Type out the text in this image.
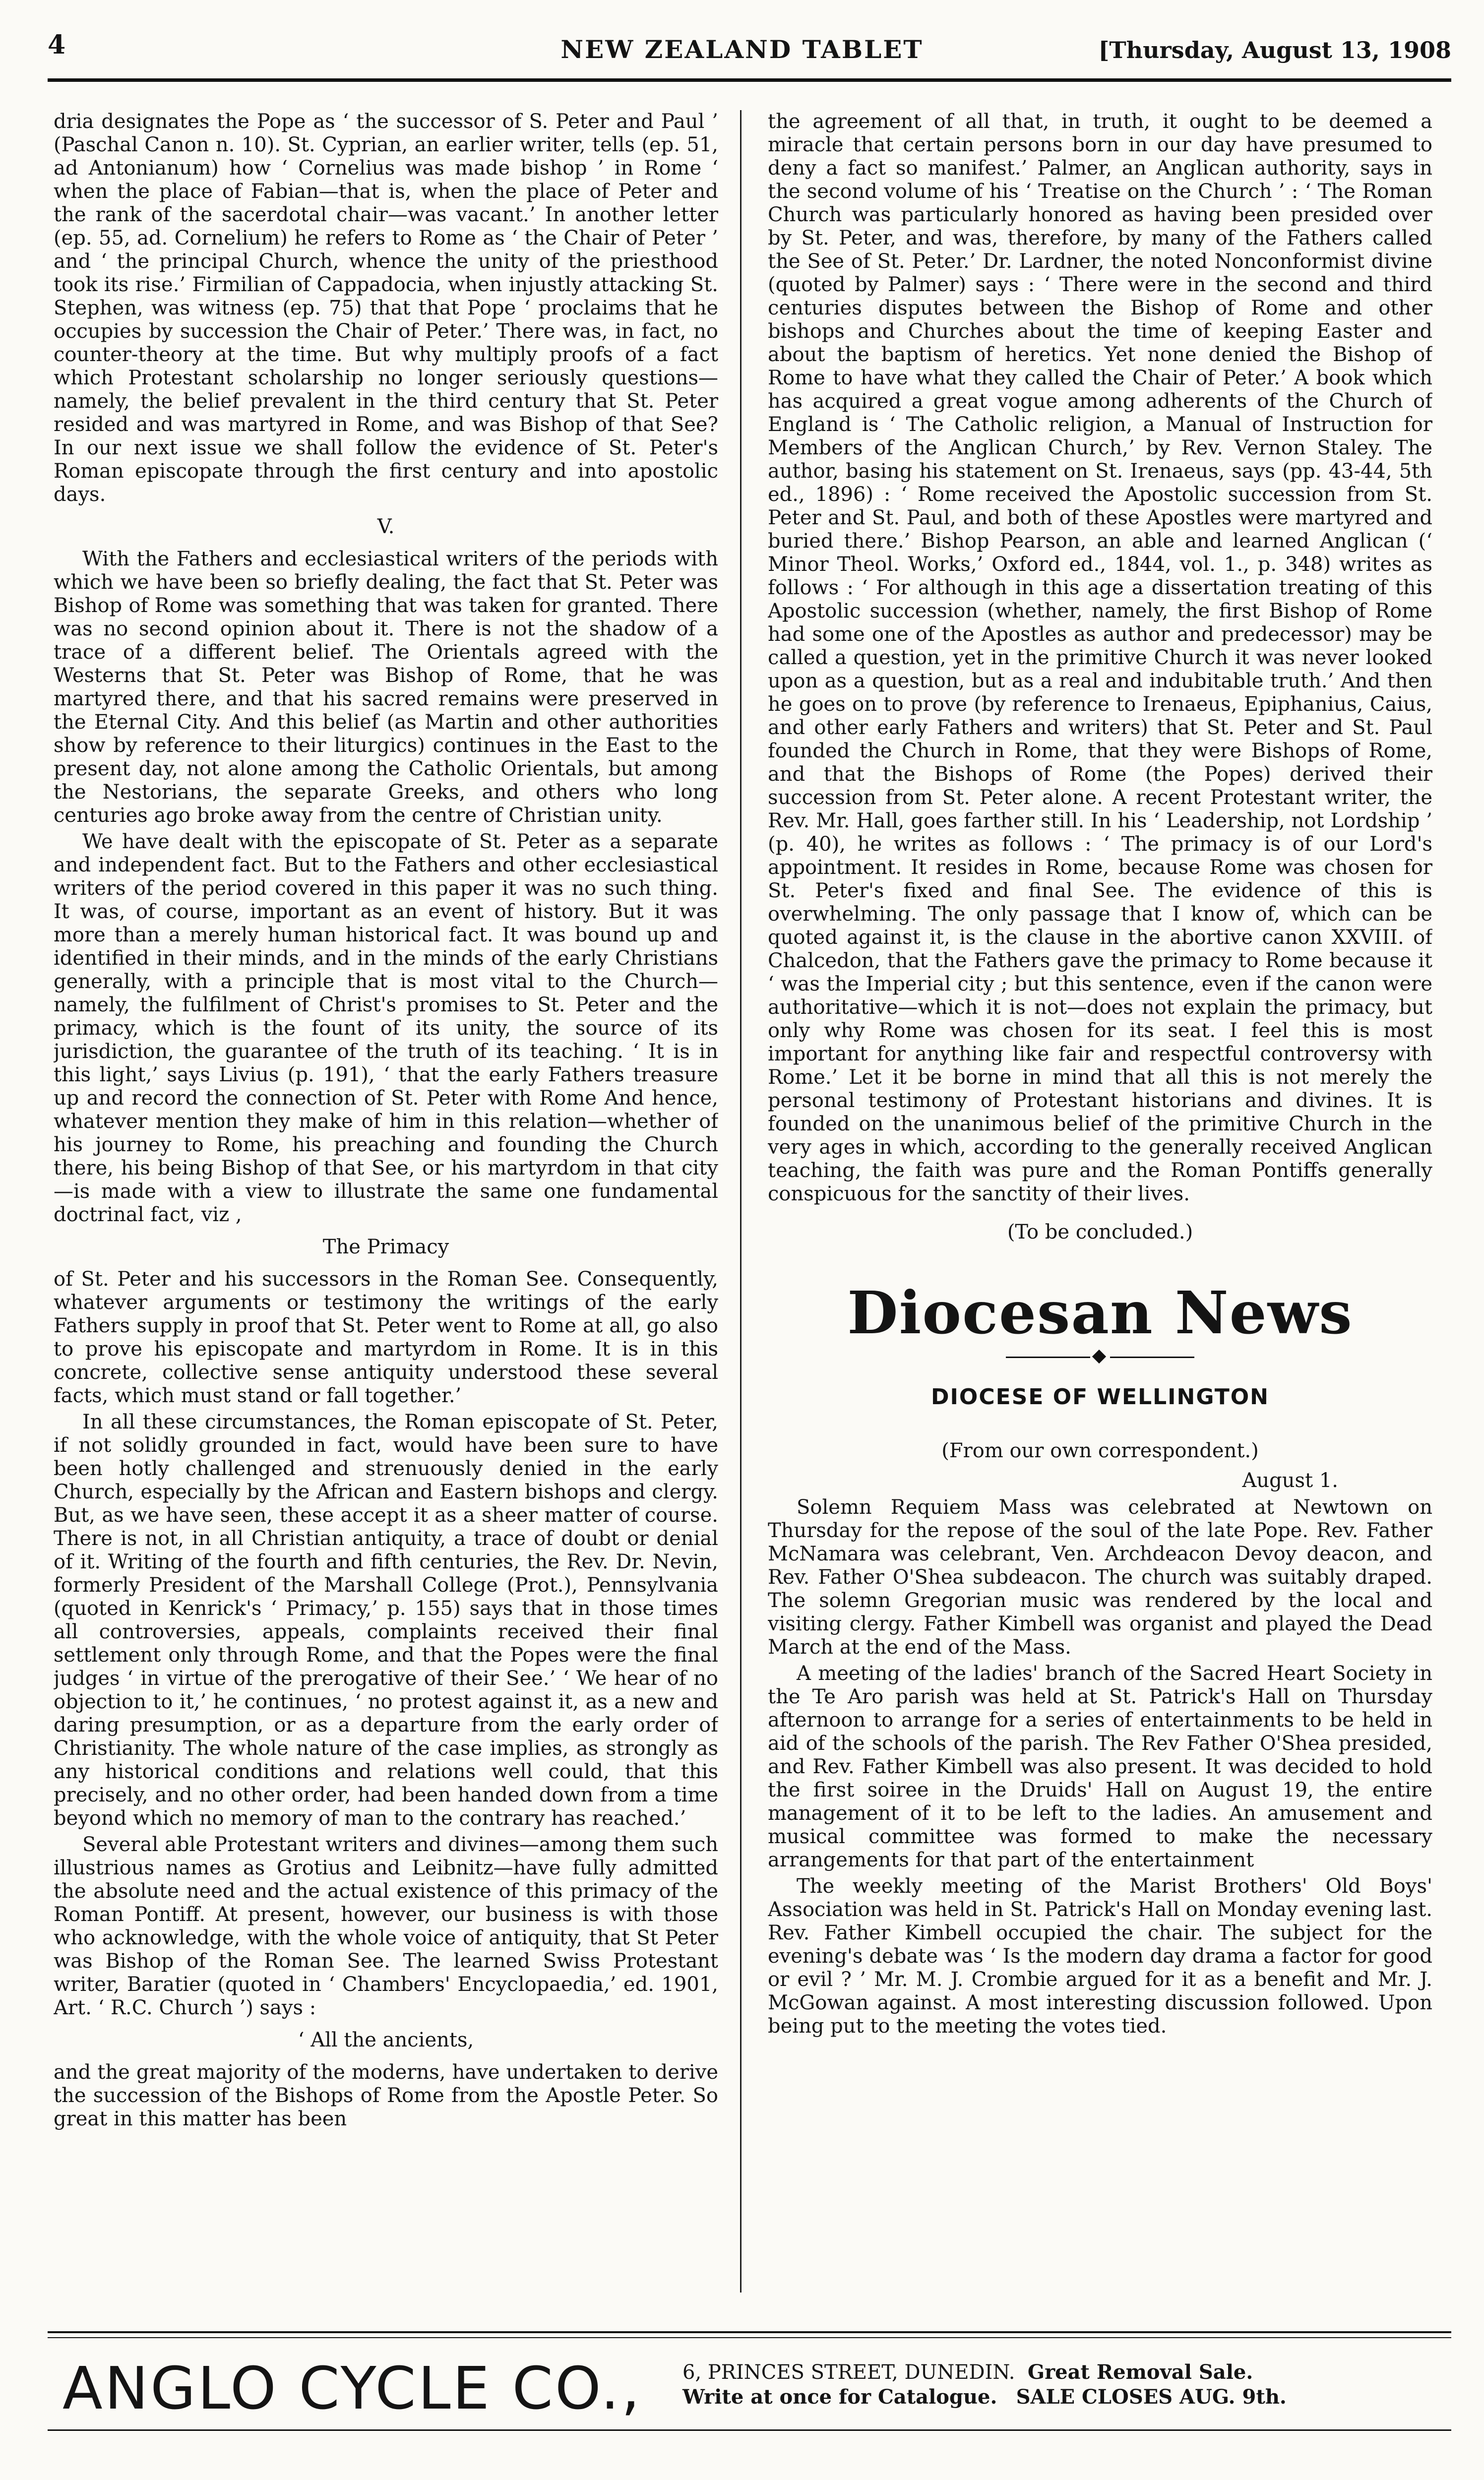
4	NEW ZEALAND TABLET	[Thursday, August 13, 1908

dria designates the Pope as ‘ the successor of S. Peter and Paul ’ (Paschal Canon n. 10). St. Cyprian, an earlier writer, tells (ep. 51, ad Antonianum) how ‘ Cornelius was made bishop ’ in Rome ‘ when the place of Fabian—that is, when the place of Peter and the rank of the sacerdotal chair—was vacant.’ In another letter (ep. 55, ad. Cornelium) he refers to Rome as ‘ the Chair of Peter ’ and ‘ the principal Church, whence the unity of the priesthood took its rise.’ Firmilian of Cappadocia, when injustly attacking St. Stephen, was witness (ep. 75) that that Pope ‘ proclaims that he occupies by succession the Chair of Peter.’ There was, in fact, no counter-theory at the time. But why multiply proofs of a fact which Protestant scholarship no longer seriously questions—namely, the belief prevalent in the third century that St. Peter resided and was martyred in Rome, and was Bishop of that See? In our next issue we shall follow the evidence of St. Peter's Roman episcopate through the first century and into apostolic days.

V.

With the Fathers and ecclesiastical writers of the periods with which we have been so briefly dealing, the fact that St. Peter was Bishop of Rome was something that was taken for granted. There was no second opinion about it. There is not the shadow of a trace of a different belief. The Orientals agreed with the Westerns that St. Peter was Bishop of Rome, that he was martyred there, and that his sacred remains were preserved in the Eternal City. And this belief (as Martin and other authorities show by reference to their liturgics) continues in the East to the present day, not alone among the Catholic Orientals, but among the Nestorians, the separate Greeks, and others who long centuries ago broke away from the centre of Christian unity.

We have dealt with the episcopate of St. Peter as a separate and independent fact. But to the Fathers and other ecclesiastical writers of the period covered in this paper it was no such thing. It was, of course, important as an event of history. But it was more than a merely human historical fact. It was bound up and identified in their minds, and in the minds of the early Christians generally, with a principle that is most vital to the Church—namely, the fulfilment of Christ's promises to St. Peter and the primacy, which is the fount of its unity, the source of its jurisdiction, the guarantee of the truth of its teaching. ‘ It is in this light,’ says Livius (p. 191), ‘ that the early Fathers treasure up and record the connection of St. Peter with Rome And hence, whatever mention they make of him in this relation—whether of his journey to Rome, his preaching and founding the Church there, his being Bishop of that See, or his martyrdom in that city—is made with a view to illustrate the same one fundamental doctrinal fact, viz ,

The Primacy

of St. Peter and his successors in the Roman See. Consequently, whatever arguments or testimony the writings of the early Fathers supply in proof that St. Peter went to Rome at all, go also to prove his episcopate and martyrdom in Rome. It is in this concrete, collective sense antiquity understood these several facts, which must stand or fall together.’

In all these circumstances, the Roman episcopate of St. Peter, if not solidly grounded in fact, would have been sure to have been hotly challenged and strenuously denied in the early Church, especially by the African and Eastern bishops and clergy. But, as we have seen, these accept it as a sheer matter of course. There is not, in all Christian antiquity, a trace of doubt or denial of it. Writing of the fourth and fifth centuries, the Rev. Dr. Nevin, formerly President of the Marshall College (Prot.), Pennsylvania (quoted in Kenrick's ‘ Primacy,’ p. 155) says that in those times all controversies, appeals, complaints received their final settlement only through Rome, and that the Popes were the final judges ‘ in virtue of the prerogative of their See.’ ‘ We hear of no objection to it,’ he continues, ‘ no protest against it, as a new and daring presumption, or as a departure from the early order of Christianity. The whole nature of the case implies, as strongly as any historical conditions and relations well could, that this precisely, and no other order, had been handed down from a time beyond which no memory of man to the contrary has reached.’

Several able Protestant writers and divines—among them such illustrious names as Grotius and Leibnitz—have fully admitted the absolute need and the actual existence of this primacy of the Roman Pontiff. At present, however, our business is with those who acknowledge, with the whole voice of antiquity, that St Peter was Bishop of the Roman See. The learned Swiss Protestant writer, Baratier (quoted in ‘ Chambers' Encyclopaedia,’ ed. 1901, Art. ‘ R.C. Church ’) says :

‘ All the ancients,

and the great majority of the moderns, have undertaken to derive the succession of the Bishops of Rome from the Apostle Peter. So great in this matter has been

the agreement of all that, in truth, it ought to be deemed a miracle that certain persons born in our day have presumed to deny a fact so manifest.’ Palmer, an Anglican authority, says in the second volume of his ‘ Treatise on the Church ’ : ‘ The Roman Church was particularly honored as having been presided over by St. Peter, and was, therefore, by many of the Fathers called the See of St. Peter.’ Dr. Lardner, the noted Nonconformist divine (quoted by Palmer) says : ‘ There were in the second and third centuries disputes between the Bishop of Rome and other bishops and Churches about the time of keeping Easter and about the baptism of heretics. Yet none denied the Bishop of Rome to have what they called the Chair of Peter.’ A book which has acquired a great vogue among adherents of the Church of England is ‘ The Catholic religion, a Manual of Instruction for Members of the Anglican Church,’ by Rev. Vernon Staley. The author, basing his statement on St. Irenaeus, says (pp. 43-44, 5th ed., 1896) : ‘ Rome received the Apostolic succession from St. Peter and St. Paul, and both of these Apostles were martyred and buried there.’ Bishop Pearson, an able and learned Anglican (‘ Minor Theol. Works,’ Oxford ed., 1844, vol. 1., p. 348) writes as follows : ‘ For although in this age a dissertation treating of this Apostolic succession (whether, namely, the first Bishop of Rome had some one of the Apostles as author and predecessor) may be called a question, yet in the primitive Church it was never looked upon as a question, but as a real and indubitable truth.’ And then he goes on to prove (by reference to Irenaeus, Epiphanius, Caius, and other early Fathers and writers) that St. Peter and St. Paul founded the Church in Rome, that they were Bishops of Rome, and that the Bishops of Rome (the Popes) derived their succession from St. Peter alone. A recent Protestant writer, the Rev. Mr. Hall, goes farther still. In his ‘ Leadership, not Lordship ’ (p. 40), he writes as follows : ‘ The primacy is of our Lord's appointment. It resides in Rome, because Rome was chosen for St. Peter's fixed and final See. The evidence of this is overwhelming. The only passage that I know of, which can be quoted against it, is the clause in the abortive canon XXVIII. of Chalcedon, that the Fathers gave the primacy to Rome because it ‘ was the Imperial city ; but this sentence, even if the canon were authoritative—which it is not—does not explain the primacy, but only why Rome was chosen for its seat. I feel this is most important for anything like fair and respectful controversy with Rome.’ Let it be borne in mind that all this is not merely the personal testimony of Protestant historians and divines. It is founded on the unanimous belief of the primitive Church in the very ages in which, according to the generally received Anglican teaching, the faith was pure and the Roman Pontiffs generally conspicuous for the sanctity of their lives.

(To be concluded.)
Diocesan News
DIOCESE OF WELLINGTON
(From our own correspondent.)
August 1.

Solemn Requiem Mass was celebrated at Newtown on Thursday for the repose of the soul of the late Pope. Rev. Father McNamara was celebrant, Ven. Archdeacon Devoy deacon, and Rev. Father O'Shea subdeacon. The church was suitably draped. The solemn Gregorian music was rendered by the local and visiting clergy. Father Kimbell was organist and played the Dead March at the end of the Mass.

A meeting of the ladies' branch of the Sacred Heart Society in the Te Aro parish was held at St. Patrick's Hall on Thursday afternoon to arrange for a series of entertainments to be held in aid of the schools of the parish. The Rev Father O'Shea presided, and Rev. Father Kimbell was also present. It was decided to hold the first soiree in the Druids' Hall on August 19, the entire management of it to be left to the ladies. An amusement and musical committee was formed to make the necessary arrangements for that part of the entertainment

The weekly meeting of the Marist Brothers' Old Boys' Association was held in St. Patrick's Hall on Monday evening last. Rev. Father Kimbell occupied the chair. The subject for the evening's debate was ‘ Is the modern day drama a factor for good or evil ? ’ Mr. M. J. Crombie argued for it as a benefit and Mr. J. McGowan against. A most interesting discussion followed. Upon being put to the meeting the votes tied.

ANGLO CYCLE CO., 6, PRINCES STREET, DUNEDIN. Great Removal Sale.
Write at once for Catalogue. SALE CLOSES AUG. 9th.
